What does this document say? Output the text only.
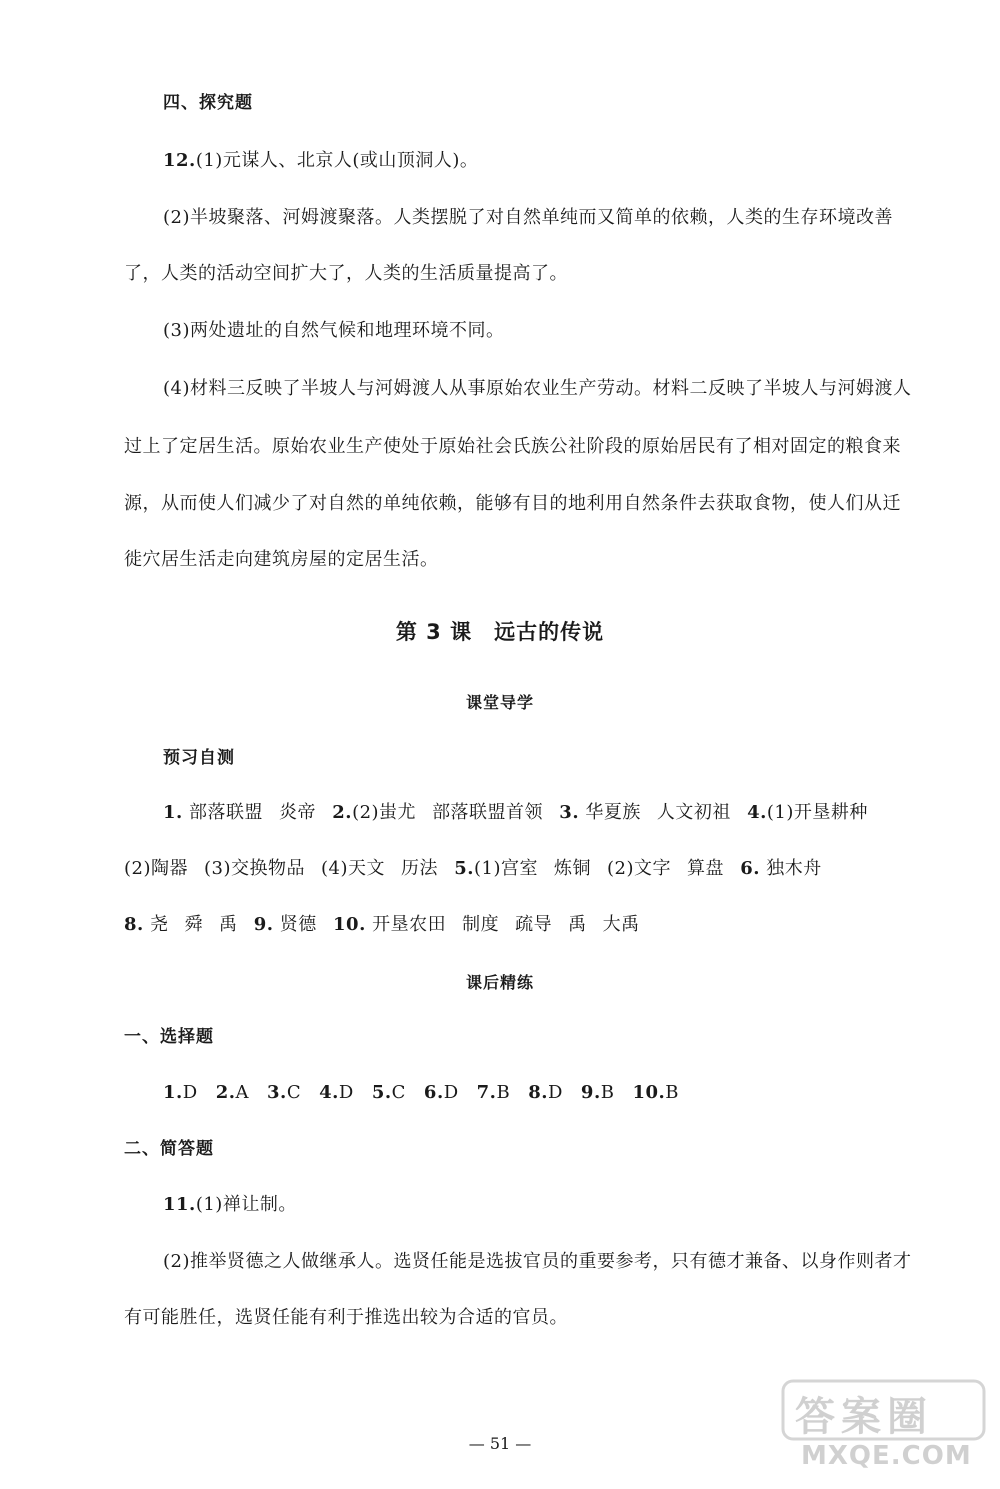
四、探究题
12.(1)元谋人、北京人(或山顶洞人)。
(2)半坡聚落、河姆渡聚落。人类摆脱了对自然单纯而又简单的依赖，人类的生存环境改善
了，人类的活动空间扩大了，人类的生活质量提高了。
(3)两处遗址的自然气候和地理环境不同。
(4)材料三反映了半坡人与河姆渡人从事原始农业生产劳动。材料二反映了半坡人与河姆渡人
过上了定居生活。原始农业生产使处于原始社会氏族公社阶段的原始居民有了相对固定的粮食来
源，从而使人们减少了对自然的单纯依赖，能够有目的地利用自然条件去获取食物，使人们从迁
徙穴居生活走向建筑房屋的定居生活。
第 3 课　远古的传说
课堂导学
预习自测
1. 部落联盟 炎帝 2.(2)蚩尤 部落联盟首领 3. 华夏族 人文初祖 4.(1)开垦耕种
(2)陶器 (3)交换物品 (4)天文 历法 5.(1)宫室 炼铜 (2)文字 算盘 6. 独木舟
8. 尧 舜 禹 9. 贤德 10. 开垦农田 制度 疏导 禹 大禹
课后精练
一、选择题
1.D 2.A 3.C 4.D 5.C 6.D 7.B 8.D 9.B 10.B
二、简答题
11.(1)禅让制。
(2)推举贤德之人做继承人。选贤任能是选拔官员的重要参考，只有德才兼备、以身作则者才
有可能胜任，选贤任能有利于推选出较为合适的官员。
— 51 —
答案圈
MXQE.COM
